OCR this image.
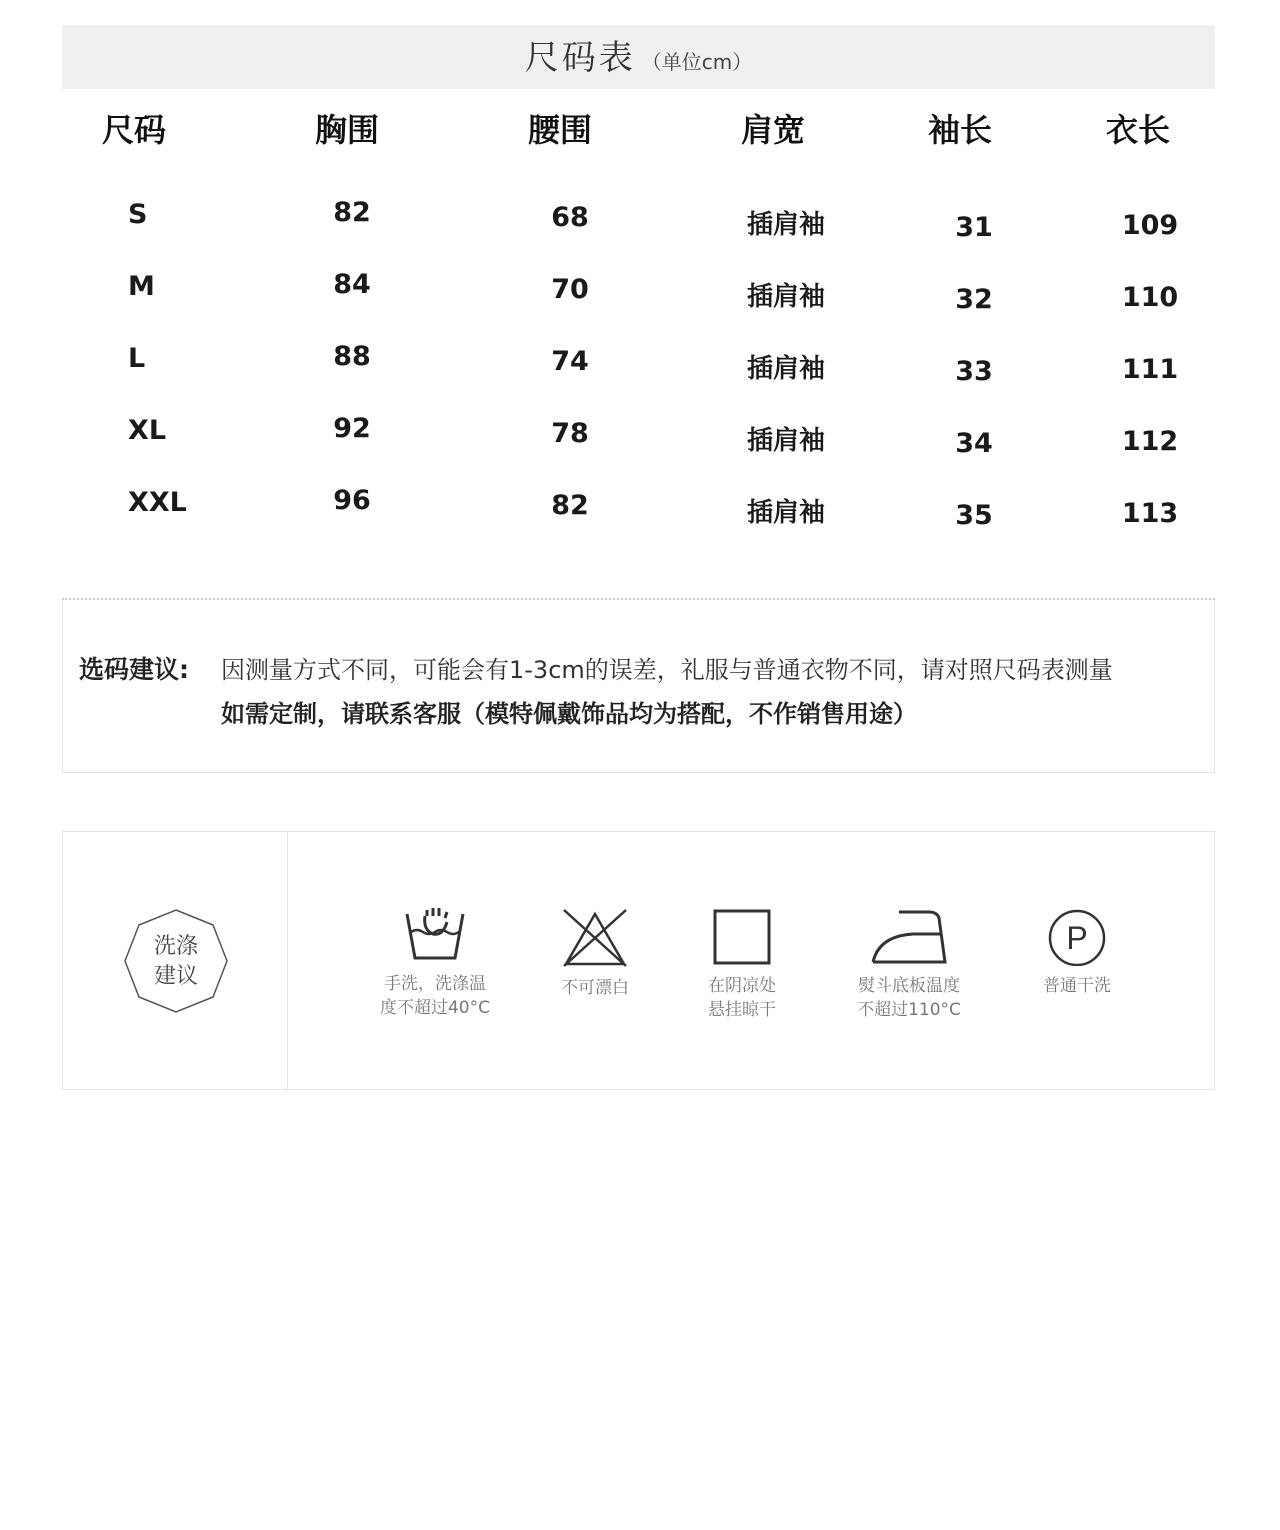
尺码表 （单位cm）
尺码	胸围	腰围	肩宽	袖长	衣长
S	82	68	插肩袖	31	109
M	84	70	插肩袖	32	110
L	88	74	插肩袖	33	111
XL	92	78	插肩袖	34	112
XXL	96	82	插肩袖	35	113
选码建议: 因测量方式不同，可能会有1-3cm的误差，礼服与普通衣物不同，请对照尺码表测量
如需定制，请联系客服（模特佩戴饰品均为搭配，不作销售用途）
洗涤
建议	手洗，洗涤温
度不超过40°C
不可漂白	在阴凉处
悬挂晾干
熨斗底板温度
不超过110°C
P
普通干洗
